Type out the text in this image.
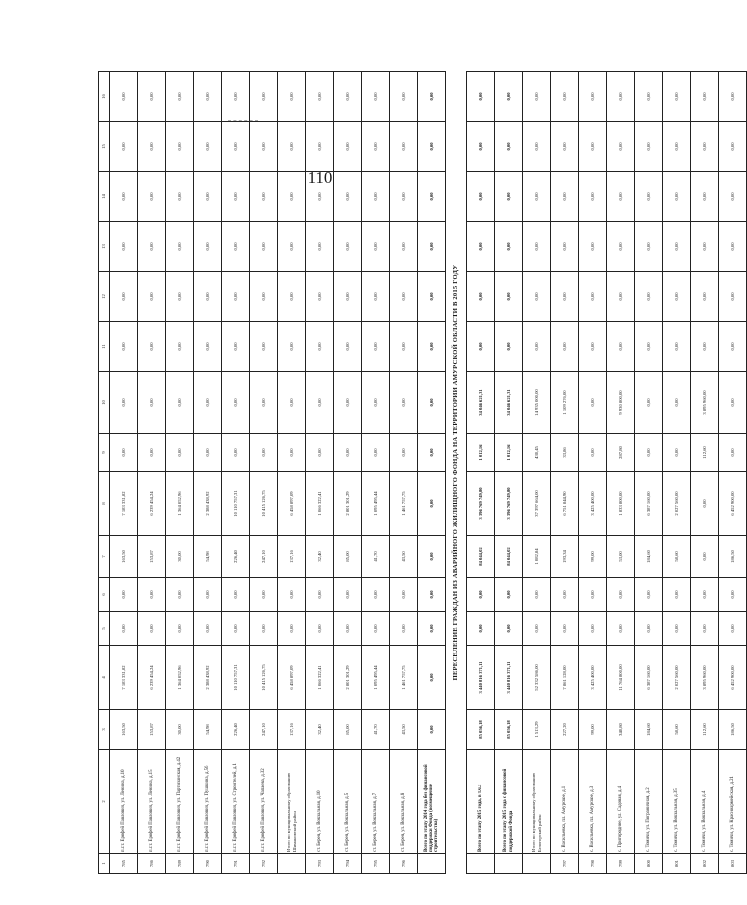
110
1	2	3	4	5	6	7	8	9	10	11	12	13	14	15	16
785	п.г.т. Ерофей Павлович, ул. Ленина, д.10	163,50	7 183 331,82	0,00	0,00	163,50	7 183 331,82	0,00	0,00	0,00	0,00	0,00	0,00	0,00	0,00
786	п.г.т. Ерофей Павлович, ул. Ленина, д.15	153,87	6 239 454,24	0,00	0,00	153,87	6 239 454,24	0,00	0,00	0,00	0,00	0,00	0,00	0,00	0,00
789	п.г.т. Ерофей Павлович, ул. Партизанская, д.42	30,00	1 364 052,96	0,00	0,00	30,00	1 364 052,96	0,00	0,00	0,00	0,00	0,00	0,00	0,00	0,00
790	п.г.т. Ерофей Павлович, ул. Пушкина, д.56	54,98	2 388 438,92	0,00	0,00	54,98	2 388 438,92	0,00	0,00	0,00	0,00	0,00	0,00	0,00	0,00
791	п.г.т. Ерофей Павлович, ул. Строителей, д.1	226,40	10 110 757,31	0,00	0,00	226,40	10 110 757,31	0,00	0,00	0,00	0,00	0,00	0,00	0,00	0,00
792	п.г.т. Ерофей Павлович, ул. Чапаева, д.32	247,10	10 415 126,75	0,00	0,00	247,10	10 415 126,75	0,00	0,00	0,00	0,00	0,00	0,00	0,00	0,00
	Итого по муниципальному образованию Шимановский район	137,16	6 458 897,09	0,00	0,00	137,16	6 458 897,09	0,00	0,00	0,00	0,00	0,00	0,00	0,00	0,00
793	ст. Берея, ул. Вокзальная, д.10	32,40	1 066 322,41	0,00	0,00	32,40	1 066 322,41	0,00	0,00	0,00	0,00	0,00	0,00	0,00	0,00
794	ст. Берея, ул. Вокзальная, д.5	85,00	2 801 301,29	0,00	0,00	85,00	2 801 301,29	0,00	0,00	0,00	0,00	0,00	0,00	0,00	0,00
795	ст. Берея, ул. Вокзальная, д.7	41,70	1 095 495,44	0,00	0,00	41,70	1 095 495,44	0,00	0,00	0,00	0,00	0,00	0,00	0,00	0,00
796	ст. Берея, ул. Вокзальная, д.8	43,50	1 461 757,75	0,00	0,00	43,50	1 461 757,75	0,00	0,00	0,00	0,00	0,00	0,00	0,00	0,00
	Всего по этапу 2014 года без финансовой поддержки Фонда (возмещение строительства)	0,00	0,00	0,00	0,00	0,00	0,00	0,00	0,00	0,00	0,00	0,00	0,00	0,00	0,00
ПЕРЕСЕЛЕНИЕ ГРАЖДАН ИЗ АВАРИЙНОГО ЖИЛИЩНОГО ФОНДА НА ТЕРРИТОРИИ АМУРСКОЙ ОБЛАСТИ В 2015 ГОДУ															
	Всего по этапу 2015 года, в т.ч.:	85 056,18	3 440 816 371,11	0,00	0,00	84 044,02	3 396 769 749,80	1 012,16	34 046 621,31	0,00	0,00	0,00	0,00	0,00	0,00
	Всего по этапу 2015 года с финансовой поддержкой Фонда	85 056,18	3 440 816 371,11	0,00	0,00	84 044,02	3 396 769 749,80	1 012,16	34 046 621,31	0,00	0,00	0,00	0,00	0,00	0,00
	Итого по муниципальному образованию Белогорский район	1 513,29	52 332 586,00	0,00	0,00	1 082,84	37 397 664,00	430,45	14 935 000,00	0,00	0,00	0,00	0,00	0,00	0,00
797	с. Васильевка, пл. Амурское, д.1	227,20	7 861 128,00	0,00	0,00	193,34	6 751 844,90	33,86	1 109 276,00	0,00	0,00	0,00	0,00	0,00	0,00
798	с. Васильевка, пл. Амурское, д.3	99,00	3 425 400,00	0,00	0,00	99,00	3 425 400,00	0,00	0,00	0,00	0,00	0,00	0,00	0,00	0,00
799	с. Пригородное, ул. Садовая, д.4	340,80	11 764 800,00	0,00	0,00	53,00	1 833 800,00	287,80	9 930 800,00	0,00	0,00	0,00	0,00	0,00	0,00
800	с. Томичи, ул. Пограничная, д.2	184,60	6 387 160,00	0,00	0,00	184,60	6 387 160,00	0,00	0,00	0,00	0,00	0,00	0,00	0,00	0,00
801	с. Томичи, ул. Вокзальная, д.35	58,60	2 027 560,00	0,00	0,00	58,60	2 027 560,00	0,00	0,00	0,00	0,00	0,00	0,00	0,00	0,00
802	с. Томичи, ул. Вокзальная, д.4	112,60	3 895 960,00	0,00	0,00	0,00	0,00	112,60	3 895 960,00	0,00	0,00	0,00	0,00	0,00	0,00
803	с. Томичи, ул. Красноармейская, д.21	186,50	6 452 900,00	0,00	0,00	186,50	6 452 900,00	0,00	0,00	0,00	0,00	0,00	0,00	0,00	0,00
